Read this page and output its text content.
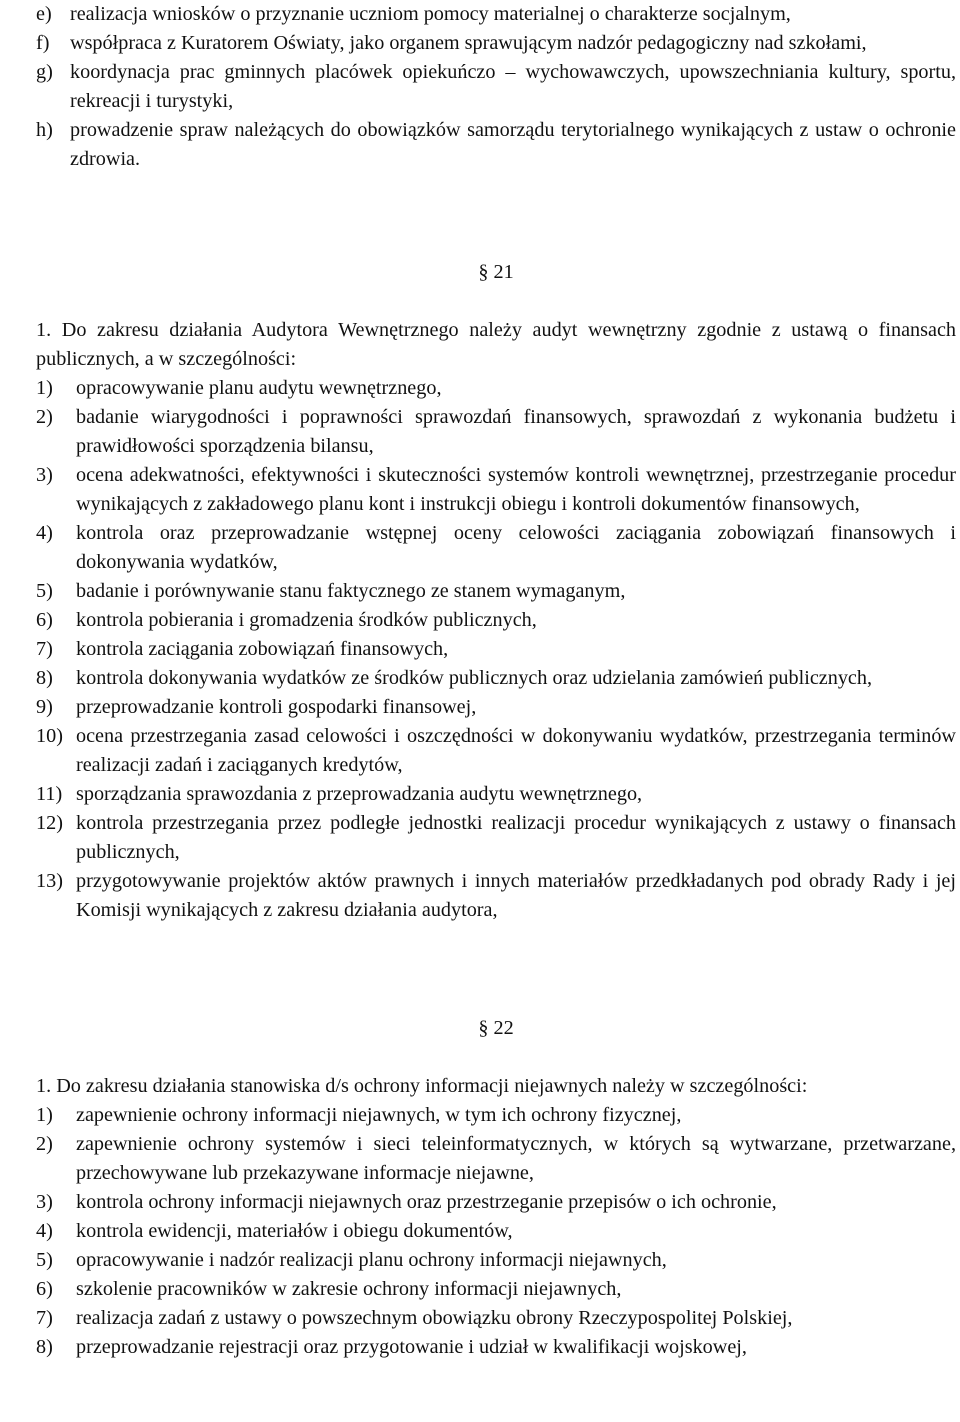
e) realizacja wniosków o przyznanie uczniom pomocy materialnej o charakterze socjalnym,
f)	współpraca z Kuratorem Oświaty, jako organem sprawującym nadzór pedagogiczny nad szkołami,
g) koordynacja prac gminnych placówek opiekuńczo – wychowawczych, upowszechniania kultury, sportu, rekreacji i turystyki,
h) prowadzenie spraw należących do obowiązków samorządu terytorialnego wynikających z ustaw o ochronie zdrowia.
§ 21
1. Do zakresu działania Audytora Wewnętrznego należy audyt wewnętrzny zgodnie z ustawą o finansach publicznych, a w szczególności:
1)	opracowywanie planu audytu wewnętrznego,
2)	badanie wiarygodności i poprawności sprawozdań finansowych, sprawozdań z wykonania budżetu i prawidłowości sporządzenia bilansu,
3)	ocena adekwatności, efektywności i skuteczności systemów kontroli wewnętrznej, przestrzeganie procedur wynikających z zakładowego planu kont i instrukcji obiegu i kontroli dokumentów finansowych,
4)	kontrola oraz przeprowadzanie wstępnej oceny celowości zaciągania zobowiązań finansowych i dokonywania wydatków,
5)	badanie i porównywanie stanu faktycznego ze stanem wymaganym,
6)	kontrola pobierania i gromadzenia środków publicznych,
7)	kontrola zaciągania zobowiązań finansowych,
8)	kontrola dokonywania wydatków ze środków publicznych oraz udzielania zamówień publicznych,
9)	przeprowadzanie kontroli gospodarki finansowej,
10) ocena przestrzegania zasad celowości i oszczędności w dokonywaniu wydatków, przestrzegania terminów realizacji zadań i zaciąganych kredytów,
11) sporządzania sprawozdania z przeprowadzania audytu wewnętrznego,
12) kontrola przestrzegania przez podległe jednostki realizacji procedur wynikających z ustawy o finansach publicznych,
13) przygotowywanie projektów aktów prawnych i innych materiałów przedkładanych pod obrady Rady i jej Komisji wynikających z zakresu działania audytora,
§ 22
1. Do zakresu działania stanowiska d/s ochrony informacji niejawnych należy w szczególności:
1)	zapewnienie ochrony informacji niejawnych, w tym ich ochrony fizycznej,
2)	zapewnienie ochrony systemów i sieci teleinformatycznych, w których są wytwarzane, przetwarzane, przechowywane lub przekazywane informacje niejawne,
3)	kontrola ochrony informacji niejawnych oraz przestrzeganie przepisów o ich ochronie,
4)	kontrola ewidencji, materiałów i obiegu dokumentów,
5)	opracowywanie i nadzór realizacji planu ochrony informacji niejawnych,
6)	szkolenie pracowników w zakresie ochrony informacji niejawnych,
7)	realizacja zadań z ustawy o powszechnym obowiązku obrony Rzeczypospolitej Polskiej,
8)	przeprowadzanie rejestracji oraz przygotowanie i udział w kwalifikacji wojskowej,
